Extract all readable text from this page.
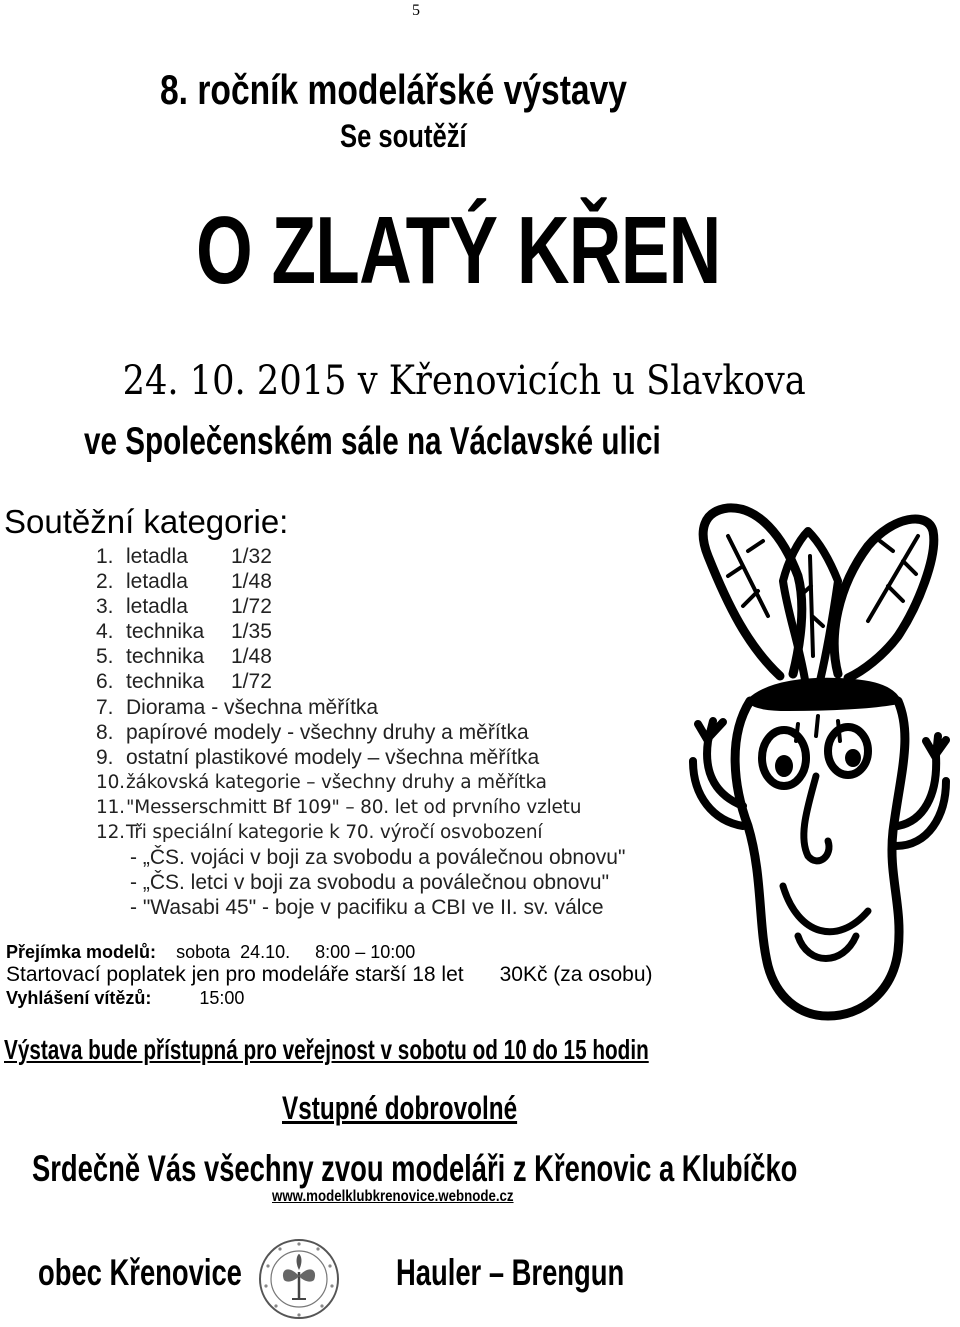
5
8. ročník modelářské výstavy
Se soutěží
O ZLATÝ KŘEN
24. 10. 2015 v Křenovicích u Slavkova
ve Společenském sále na Václavské ulici
Soutěžní kategorie:
1. letadla	1/32
2. letadla	1/48
3. letadla	1/72
4. technika	1/35
5. technika	1/48
6. technika	1/72
7. Diorama - všechna měřítka
8. papírové modely - všechny druhy a měřítka
9. ostatní plastikové modely – všechna měřítka
10. žákovská kategorie – všechny druhy a měřítka
11. "Messerschmitt Bf 109" – 80. let od prvního vzletu
12. Tři speciální kategorie k 70. výročí osvobození
- „ČS. vojáci v boji za svobodu a poválečnou obnovu"
- „ČS. letci v boji za svobodu a poválečnou obnovu"
- "Wasabi 45" - boje v pacifiku a CBI ve II. sv. válce
Přejímka modelů: sobota  24.10.     8:00 – 10:00
Startovací poplatek jen pro modeláře starší 18 let 30Kč (za osobu)
Vyhlášení vítězů:	15:00
Výstava bude přístupná pro veřejnost v sobotu od 10 do 15 hodin
Vstupné dobrovolné
Srdečně Vás všechny zvou modeláři z Křenovic a Klubíčko
www.modelklubkrenovice.webnode.cz
obec Křenovice	Hauler – Brengun
